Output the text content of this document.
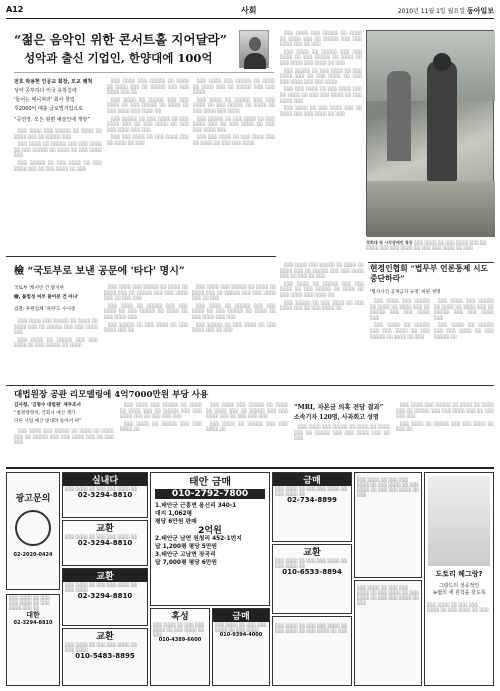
A12	사회	2010년 11월 1일 월요일 동아일보
“젊은 음악인 위한 콘서트홀 지어달라”
성악과 출신 기업인, 한양대에 100억
전호 박용현 인공교 회장, 모교 쾌척
성악 공부하다 미국 유학길에
'들어는 메니쳐러' 회사 창업
후2000억 매출 글로벌기업으로
“공연장, 모든 형편 예술인에 개방”

░░░ ░░░░ ░░░ ░░░░░ ░░ ░░░░ ░░ ░░░░ ░░░ ░░ ░░░░░ ░░░

░░░ ░░░░ ░░ ░░░░░ ░░░ ░░░ ░░░░ ░░ ░░░ ░░░░░ ░░ ░░░░ ░░ ░░░ ░░░░ ░░░

░░░ ░░░░░ ░░ ░░░ ░░░░ ░░ ░░░ ░░░░ ░░░ ░░ ░░░ ░░░░ ░░ ░░░

░░░ ░░░░ ░░░ ░░░░░ ░░ ░░░░ ░░ ░░░░ ░░░ ░░ ░░░░░ ░░░ ░░░ ░░░░ ░░░ ░░

░░░ ░░░░ ░░ ░░░░░ ░░░ ░░░ ░░░░ ░░ ░░░ ░░░░░ ░░ ░░░░ ░░ ░░░ ░░░░ ░░░ ░░░░ ░░

░░░ ░░░░░ ░░ ░░░ ░░░░ ░░ ░░░ ░░░░ ░░░ ░░ ░░░ ░░░░ ░░ ░░░ ░░░ ░░░░ ░░░ ░░░

░░░ ░░░ ░░░░ ░░ ░░░ ░░░░ ░░░ ░░ ░░░░ ░░ ░░░

░░░ ░░░░ ░░░ ░░░░░ ░░ ░░░░ ░░ ░░░░ ░░░ ░░ ░░░░░ ░░░ ░░░ ░░░░

░░░ ░░░░ ░░ ░░░░░ ░░░ ░░░ ░░░░ ░░ ░░░ ░░░░░ ░░ ░░░░ ░░ ░░░ ░░░░ ░░░ ░░░░

░░░ ░░░░░ ░░ ░░░ ░░░░ ░░ ░░░ ░░░░ ░░░ ░░ ░░░ ░░░░ ░░ ░░░ ░░░ ░░░░ ░░░

░░░ ░░░ ░░░░ ░░ ░░░ ░░░░ ░░░ ░░ ░░░░ ░░ ░░░ ░░░ ░░░░

░░░ ░░░░ ░░░ ░░░░░ ░░ ░░░░ ░░ ░░░░ ░░░ ░░ ░░░░░ ░░░ ░░░ ░░░░ ░░░ ░░ ░░░

░░░ ░░░░ ░░ ░░░░░ ░░░ ░░░ ░░░░ ░░ ░░░ ░░░░░ ░░ ░░░░ ░░ ░░░ ░░░░ ░░░ ░░░░ ░░ ░░░

░░░ ░░░░░ ░░ ░░░ ░░░░ ░░ ░░░ ░░░░ ░░░ ░░ ░░░ ░░░░ ░░ ░░░ ░░░ ░░░░ ░░░ ░░░ ░░░░

░░░ ░░░ ░░░░ ░░ ░░░ ░░░░ ░░░ ░░ ░░░░ ░░ ░░░ ░░░ ░░░░ ░░ ░░░ ░░░░ ░░░

░░░ ░░░░ ░░ ░░░ ░░░░ ░░░ ░░ ░░░░ ░░░ ░░░ ░░░░ ░░ ░░░

경희대 첫 시각장애인 특등 ░░░ ░░░░ ░░ ░░░ ░░░░ ░░░ ░░ ░░░░ ░░░ ░░░ ░░░░ ░░ ░░░ ░░░ ░░░░ ░░ ░░░
檢 “국토부로 보낸 공문에 '타다' 명시”
국토부 '캐서린 건 방지한
檢, 불법성 여부 물어본 건 아냐'
검찰, 후원업체 '파파'도 수사중

░░░ ░░░░ ░░░ ░░░░░ ░░ ░░░░ ░░ ░░░░ ░░░ ░░ ░░░░░ ░░░ ░░░ ░░░░ ░░░

░░░ ░░░░ ░░ ░░░░░ ░░░ ░░░ ░░░░ ░░ ░░░ ░░░░░ ░░ ░░░░

░░░ ░░░░ ░░░ ░░░░░ ░░ ░░░░ ░░ ░░░░ ░░░ ░░ ░░░░░ ░░░ ░░░ ░░░░ ░░░ ░░ ░░░ ░░░

░░░ ░░░░ ░░ ░░░░░ ░░░ ░░░ ░░░░ ░░ ░░░ ░░░░░ ░░ ░░░░ ░░ ░░░ ░░░░ ░░░

░░░ ░░░░░ ░░ ░░░ ░░░░ ░░ ░░░ ░░░░ ░░░ ░░

░░░ ░░░░ ░░░ ░░░░░ ░░ ░░░░ ░░ ░░░░ ░░░ ░░ ░░░░░ ░░░ ░░░ ░░░░ ░░░ ░░ ░░░

░░░ ░░░░ ░░ ░░░░░ ░░░ ░░░ ░░░░ ░░ ░░░ ░░░░░ ░░ ░░░░ ░░ ░░░ ░░░░ ░░░ ░░░

░░░ ░░░░░ ░░ ░░░ ░░░░ ░░ ░░░ ░░░░ ░░░ ░░ ░░░

░░░ ░░░░ ░░░ ░░░░░ ░░ ░░░░ ░░ ░░░░ ░░░ ░░ ░░░░░ ░░░ ░░░ ░░░░ ░░░ ░░ ░░░ ░░ ░░░

░░░ ░░░░ ░░ ░░░░░ ░░░ ░░░ ░░░░ ░░ ░░░ ░░░░░ ░░ ░░░░ ░░ ░░░ ░░░░ ░░░ ░░░░ ░░

░░░ ░░░░░ ░░ ░░░ ░░░░ ░░ ░░░ ░░░░ ░░░ ░░ ░░░ ░░░░ ░░

현정인협회 “법무부 언론통제 시도 중단하라”
'형사사건 공개금지 규정' 비판 성명

░░░ ░░░░ ░░░ ░░░░░ ░░ ░░░░ ░░ ░░░░ ░░░ ░░ ░░░░░ ░░░ ░░░ ░░░░ ░░░

░░░ ░░░░ ░░ ░░░░░ ░░░ ░░░ ░░░░ ░░ ░░░ ░░░░░ ░░ ░░░░ ░░ ░░░

░░░ ░░░░ ░░░ ░░░░░ ░░ ░░░░ ░░ ░░░░ ░░░ ░░ ░░░░░ ░░░ ░░░ ░░░░ ░░░

░░░ ░░░░ ░░ ░░░░░ ░░░ ░░░ ░░░░ ░░ ░░░ ░░░░░ ░░

대법원장 공관 리모델링에 4억7000만원 부당 사용
김사청, '김명수 대법원' 재무조사
“법원행정처, 국회나 예산 재가
다른 사업 예산 빗대려 돌아서 써”

░░░ ░░░░ ░░░ ░░░░░ ░░ ░░░░ ░░ ░░░░ ░░░ ░░ ░░░░░ ░░░ ░░░ ░░░░ ░░░ ░░ ░░░ ░░░

░░░ ░░░░ ░░░ ░░░░░ ░░ ░░░░ ░░ ░░░░ ░░░ ░░ ░░░░░ ░░░ ░░░ ░░░░ ░░░ ░░ ░░░ ░░░ ░░░

░░░ ░░░░ ░░ ░░░░░ ░░░ ░░░ ░░░░ ░░

░░░ ░░░░ ░░░ ░░░░░ ░░ ░░░░ ░░ ░░░░ ░░░ ░░ ░░░░░ ░░░ ░░░ ░░░░ ░░░ ░░ ░░░ ░░░ ░░░

░░░ ░░░░ ░░ ░░░░░ ░░░ ░░░ ░░░░ ░░

“MRI, 자본금 의혹 전담 결과”
소속기자 120명, 사과회고 성명

░░░ ░░░░ ░░░ ░░░░░ ░░ ░░░░ ░░ ░░░░ ░░░ ░░ ░░░░░ ░░░ ░░░ ░░░░ ░░░ ░░ ░░░

░░░ ░░░░ ░░░ ░░░░░ ░░ ░░░░ ░░ ░░░░ ░░░ ░░ ░░░░░ ░░░ ░░░ ░░░░ ░░░ ░░ ░░░ ░░░ ░░░

░░░ ░░░░ ░░ ░░░░░ ░░░ ░░░ ░░░░ ░░ ░░░ ░░

광고문의
02-2020-0424
░░░ ░░░░ ░░ ░░░ ░░░ ░░░░ ░░ ░░░ ░░░░ ░░░ ░░
대한
02-3294-8810
실내다
░░░ ░░░░ ░░ ░░░ ░░░ ░░░░ ░░
02-3294-8810
교환
░░░ ░░░░ ░░ ░░░ ░░░ ░░░░ ░░
02-3294-8810
교환
░░░ ░░░░ ░░ ░░░ ░░░ ░░░░ ░░ ░░░ ░░░░
02-3294-8810
교환
░░░ ░░░░ ░░ ░░░ ░░░ ░░░░ ░░ ░░░ ░░░░
010-5483-8895
태안 금매
010-2792-7800
1.태안군 근흥면 용신리 340-1
대지 1,062평
평당 6만원 판매
2억원
2.태안군 남면 원청리 452-1번지
답 1,200평 평당 5만원
3.태안군 고남면 장곡리
답 7,000평 평당 6만원
혹성
░░░ ░░░░ ░░ ░░░ ░░░ ░░░░ ░░ ░░░ ░░░░ ░░ ░░░
010-4389-6600
금매
░░░ ░░░░ ░░ ░░░ ░░░ ░░░░ ░░ ░░░ ░░░░
010-9394-4000
금매
░░░ ░░░░ ░░ ░░░ ░░░ ░░░░ ░░ ░░░ ░░░░ ░░
02-734-8899
교환
░░░ ░░░░ ░░ ░░░ ░░░ ░░░░ ░░ ░░░ ░░░░ ░░
010-6533-8894
░░░ ░░░░ ░░ ░░░ ░░░ ░░░░ ░░ ░░░ ░░░░ ░░ ░░░ ░░░░ ░░ ░░░
░░░ ░░░░ ░░ ░░░ ░░░ ░░░░ ░░ ░░░ ░░░░ ░░ ░░░ ░░░░ ░░ ░░░ ░░░ ░░░░ ░░ ░░░
░░░ ░░░░ ░░ ░░░ ░░░ ░░░░ ░░ ░░░ ░░░░ ░░ ░░░ ░░░░ ░░ ░░░ ░░░ ░░░░ ░░ ░░░
도토리 헤그랑?
그랑드리 성공적인
농협의 세 원칙을 갖도록
░░░ ░░░░ ░░ ░░░ ░░░ ░░░░ ░░ ░░░ ░░░░ ░░ ░░░
